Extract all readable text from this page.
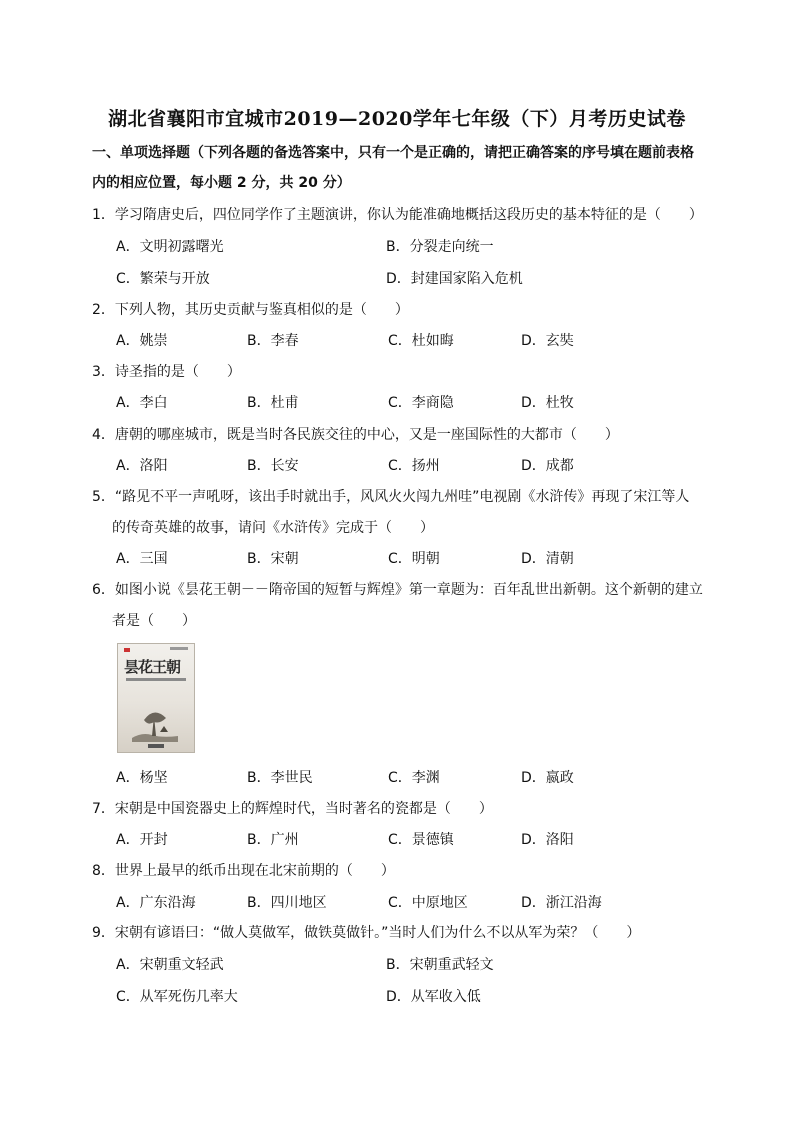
湖北省襄阳市宜城市2019—2020学年七年级（下）月考历史试卷
一、单项选择题（下列各题的备选答案中，只有一个是正确的，请把正确答案的序号填在题前表格
内的相应位置，每小题 2 分，共 20 分）
1．学习隋唐史后，四位同学作了主题演讲，你认为能准确地概括这段历史的基本特征的是（　　）
A．文明初露曙光	B．分裂走向统一
C．繁荣与开放	D．封建国家陷入危机
2．下列人物，其历史贡献与鉴真相似的是（　　）
A．姚崇	B．李春	C．杜如晦	D．玄奘
3．诗圣指的是（　　）
A．李白	B．杜甫	C．李商隐	D．杜牧
4．唐朝的哪座城市，既是当时各民族交往的中心，又是一座国际性的大都市（　　）
A．洛阳	B．长安	C．扬州	D．成都
5．“路见不平一声吼呀，该出手时就出手，风风火火闯九州哇”电视剧《水浒传》再现了宋江等人
的传奇英雄的故事，请问《水浒传》完成于（　　）
A．三国	B．宋朝	C．明朝	D．清朝
6．如图小说《昙花王朝－－隋帝国的短暂与辉煌》第一章题为：百年乱世出新朝。这个新朝的建立
者是（　　）
昙花王朝
A．杨坚	B．李世民	C．李渊	D．嬴政
7．宋朝是中国瓷器史上的辉煌时代，当时著名的瓷都是（　　）
A．开封	B．广州	C．景德镇	D．洛阳
8．世界上最早的纸币出现在北宋前期的（　　）
A．广东沿海	B．四川地区	C．中原地区	D．浙江沿海
9．宋朝有谚语曰：“做人莫做军，做铁莫做针。”当时人们为什么不以从军为荣？（　　）
A．宋朝重文轻武	B．宋朝重武轻文
C．从军死伤几率大	D．从军收入低
